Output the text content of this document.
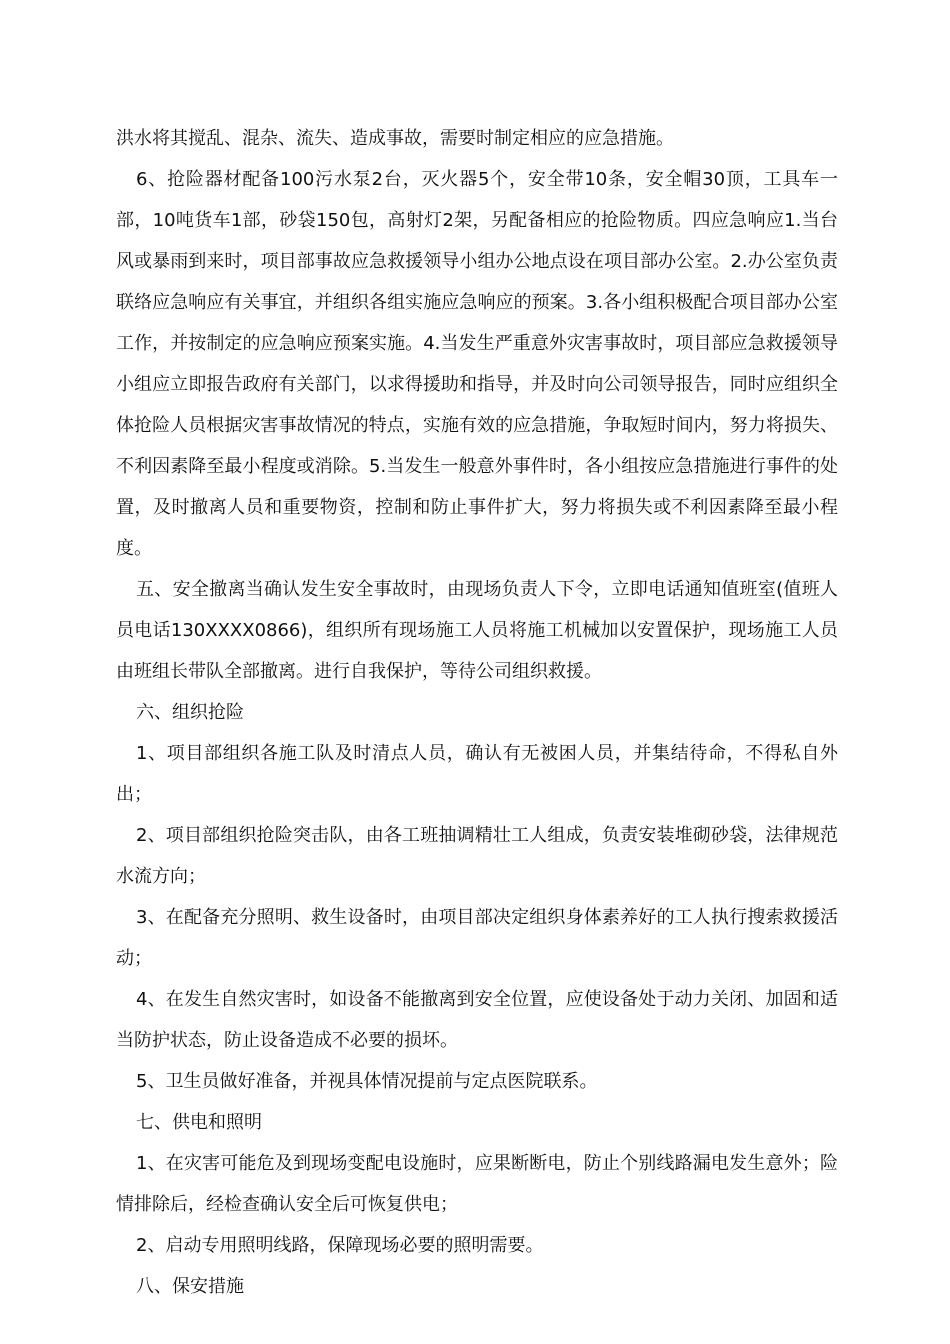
洪水将其搅乱、混杂、流失、造成事故，需要时制定相应的应急措施。

6、抢险器材配备100污水泵2台，灭火器5个，安全带10条，安全帽30顶，工具车一部，10吨货车1部，砂袋150包，高射灯2架，另配备相应的抢险物质。四应急响应1.当台风或暴雨到来时，项目部事故应急救援领导小组办公地点设在项目部办公室。2.办公室负责联络应急响应有关事宜，并组织各组实施应急响应的预案。3.各小组积极配合项目部办公室工作，并按制定的应急响应预案实施。4.当发生严重意外灾害事故时，项目部应急救援领导小组应立即报告政府有关部门，以求得援助和指导，并及时向公司领导报告，同时应组织全体抢险人员根据灾害事故情况的特点，实施有效的应急措施，争取短时间内，努力将损失、不利因素降至最小程度或消除。5.当发生一般意外事件时，各小组按应急措施进行事件的处置，及时撤离人员和重要物资，控制和防止事件扩大，努力将损失或不利因素降至最小程度。

五、安全撤离当确认发生安全事故时，由现场负责人下令，立即电话通知值班室(值班人员电话130XXXX0866)，组织所有现场施工人员将施工机械加以安置保护，现场施工人员由班组长带队全部撤离。进行自我保护，等待公司组织救援。

六、组织抢险

1、项目部组织各施工队及时清点人员，确认有无被困人员，并集结待命，不得私自外出；

2、项目部组织抢险突击队，由各工班抽调精壮工人组成，负责安装堆砌砂袋，法律规范水流方向；

3、在配备充分照明、救生设备时，由项目部决定组织身体素养好的工人执行搜索救援活动；

4、在发生自然灾害时，如设备不能撤离到安全位置，应使设备处于动力关闭、加固和适当防护状态，防止设备造成不必要的损坏。

5、卫生员做好准备，并视具体情况提前与定点医院联系。

七、供电和照明

1、在灾害可能危及到现场变配电设施时，应果断断电，防止个别线路漏电发生意外；险情排除后，经检查确认安全后可恢复供电；

2、启动专用照明线路，保障现场必要的照明需要。

八、保安措施
